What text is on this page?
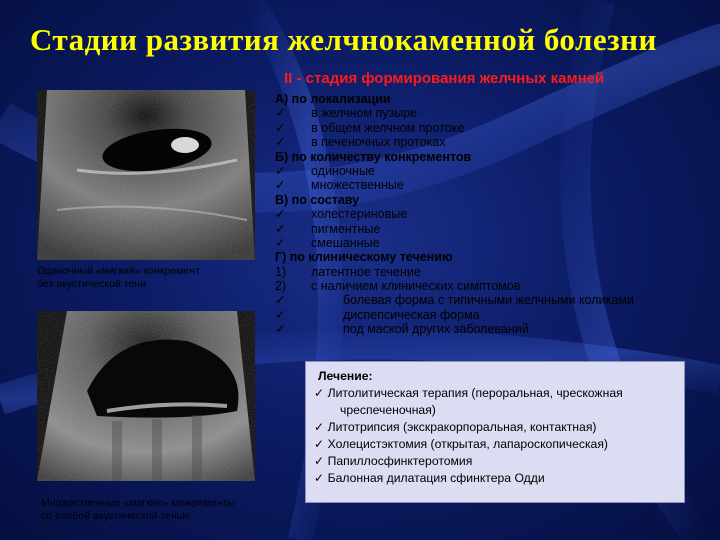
Стадии развития желчнокаменной болезни
II - стадия формирования желчных камней
Одиночный «мягкий» конкремент
без акустической тени
Множественные «мягкие» конкременты
со слабой акустической тенью
А) по локализации
✓ в желчном пузыре
✓ в общем желчном протоке
✓ в печеночных протоках
Б) по количеству конкрементов
✓ одиночные
✓ множественные
В) по составу
✓ холестериновые
✓ пигментные
✓ смешанные
Г) по клиническому течению
1) латентное течение
2) с наличием клинических симптомов
✓	болевая форма с типичными желчными коликами
✓	диспепсическая форма
✓	под маской других заболеваний
Лечение:
✓ Литолитическая терапия (пероральная, чрескожная
чреспеченочная)
✓ Литотрипсия (экскракорпоральная, контактная)
✓ Холецистэктомия (открытая, лапароскопическая)
✓ Папиллосфинктеротомия
✓ Балонная дилатация сфинктера Одди
